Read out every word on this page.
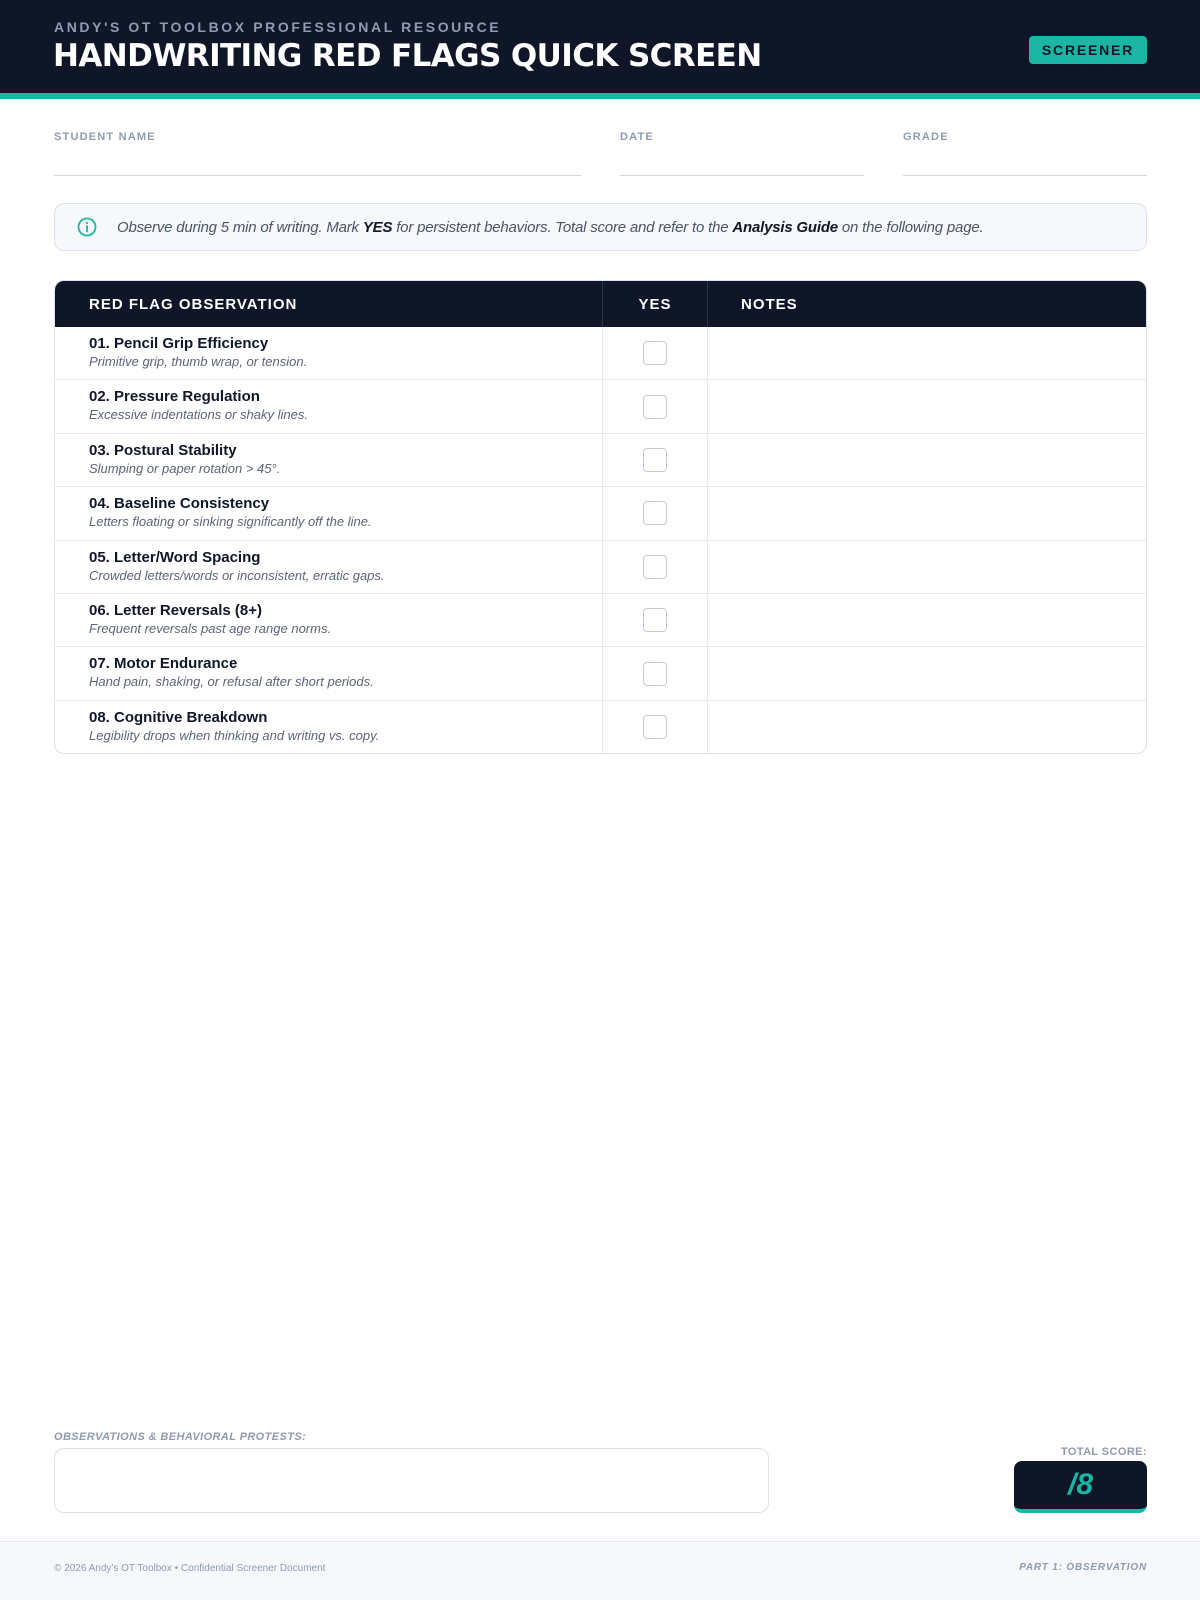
ANDY'S OT TOOLBOX PROFESSIONAL RESOURCE
HANDWRITING RED FLAGS QUICK SCREEN	SCREENER
STUDENT NAME	DATE	GRADE
Observe during 5 min of writing. Mark YES for persistent behaviors. Total score and refer to the Analysis Guide on the following page.
RED FLAG OBSERVATION	YES	NOTES
01. Pencil Grip Efficiency
Primitive grip, thumb wrap, or tension.
02. Pressure Regulation
Excessive indentations or shaky lines.
03. Postural Stability
Slumping or paper rotation > 45°.
04. Baseline Consistency
Letters floating or sinking significantly off the line.
05. Letter/Word Spacing
Crowded letters/words or inconsistent, erratic gaps.
06. Letter Reversals (8+)
Frequent reversals past age range norms.
07. Motor Endurance
Hand pain, shaking, or refusal after short periods.
08. Cognitive Breakdown
Legibility drops when thinking and writing vs. copy.
OBSERVATIONS & BEHAVIORAL PROTESTS:
TOTAL SCORE:
/8
© 2026 Andy's OT Toolbox • Confidential Screener Document	PART 1: OBSERVATION
